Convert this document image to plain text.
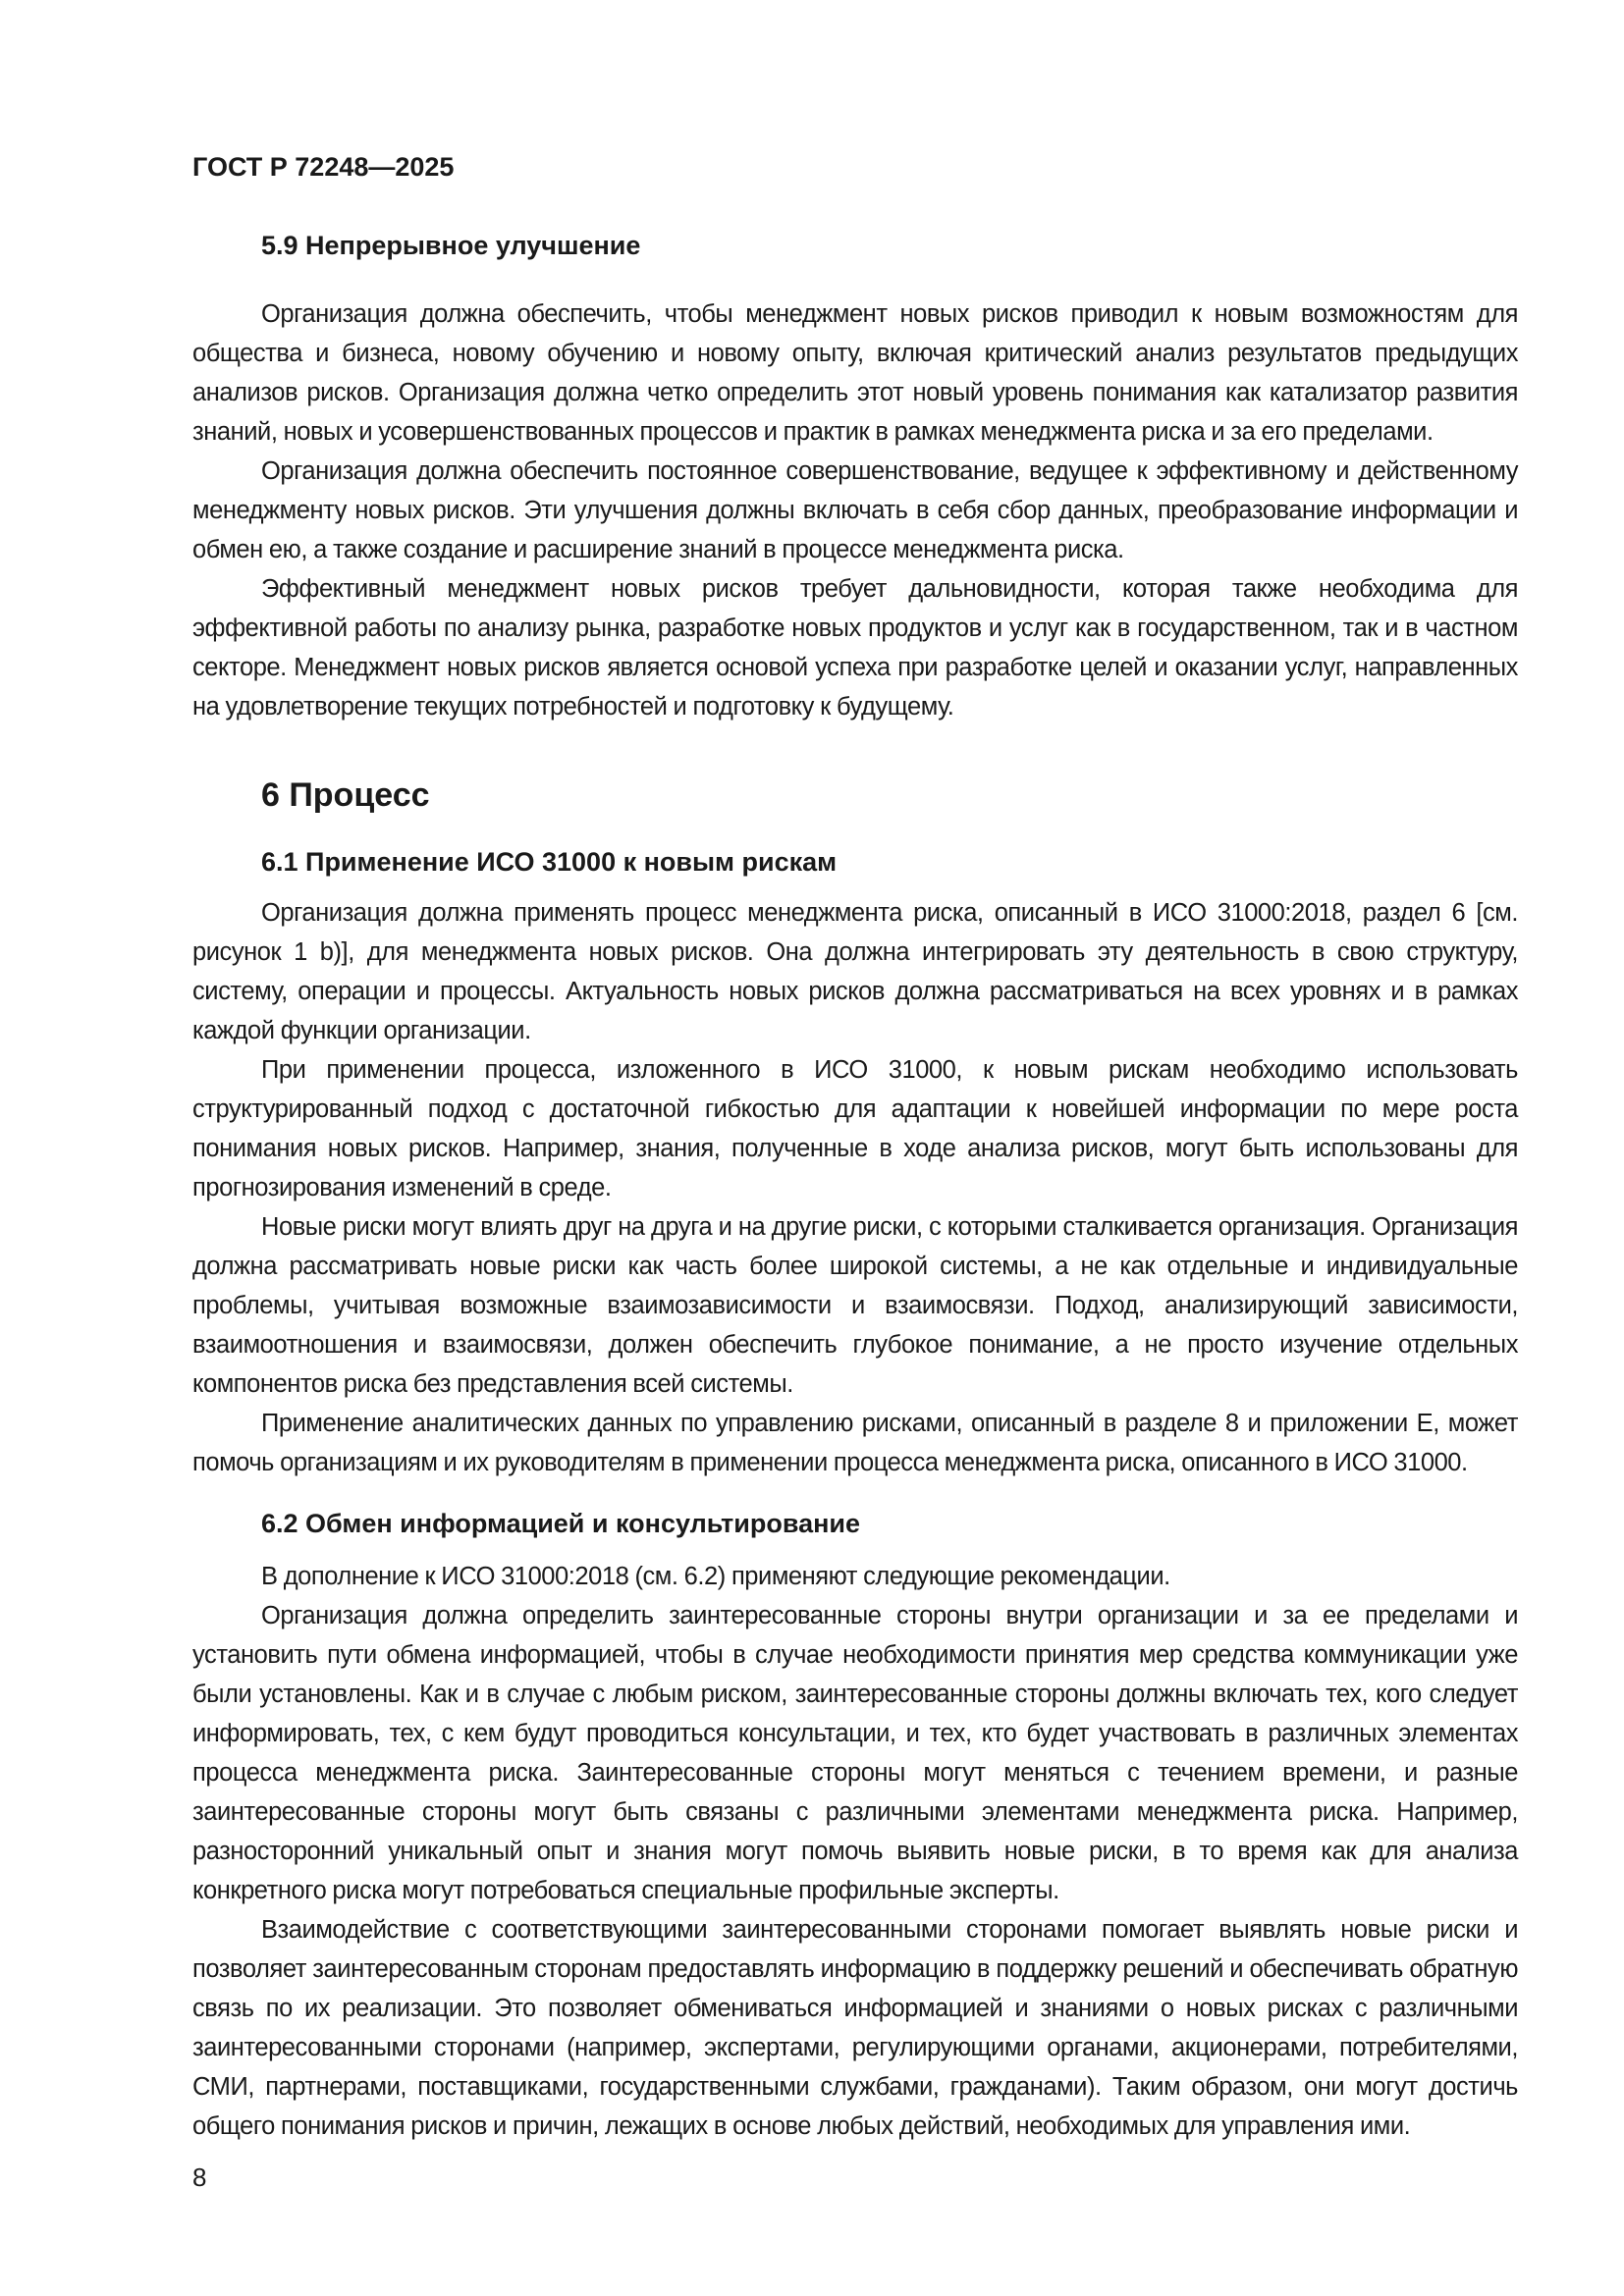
ГОСТ Р 72248—2025
5.9 Непрерывное улучшение

Организация должна обеспечить, чтобы менеджмент новых рисков приводил к новым возможностям для общества и бизнеса, новому обучению и новому опыту, включая критический анализ результатов предыдущих анализов рисков. Организация должна четко определить этот новый уровень понимания как катализатор развития знаний, новых и усовершенствованных процессов и практик в рамках менеджмента риска и за его пределами.

Организация должна обеспечить постоянное совершенствование, ведущее к эффективному и действенному менеджменту новых рисков. Эти улучшения должны включать в себя сбор данных, преобразование информации и обмен ею, а также создание и расширение знаний в процессе менеджмента риска.

Эффективный менеджмент новых рисков требует дальновидности, которая также необходима для эффективной работы по анализу рынка, разработке новых продуктов и услуг как в государственном, так и в частном секторе. Менеджмент новых рисков является основой успеха при разработке целей и оказании услуг, направленных на удовлетворение текущих потребностей и подготовку к будущему.

6 Процесс
6.1 Применение ИСО 31000 к новым рискам

Организация должна применять процесс менеджмента риска, описанный в ИСО 31000:2018, раздел 6 [см. рисунок 1 b)], для менеджмента новых рисков. Она должна интегрировать эту деятельность в свою структуру, систему, операции и процессы. Актуальность новых рисков должна рассматриваться на всех уровнях и в рамках каждой функции организации.

При применении процесса, изложенного в ИСО 31000, к новым рискам необходимо использовать структурированный подход с достаточной гибкостью для адаптации к новейшей информации по мере роста понимания новых рисков. Например, знания, полученные в ходе анализа рисков, могут быть использованы для прогнозирования изменений в среде.

Новые риски могут влиять друг на друга и на другие риски, с которыми сталкивается организация. Организация должна рассматривать новые риски как часть более широкой системы, а не как отдельные и индивидуальные проблемы, учитывая возможные взаимозависимости и взаимосвязи. Подход, анализирующий зависимости, взаимоотношения и взаимосвязи, должен обеспечить глубокое понимание, а не просто изучение отдельных компонентов риска без представления всей системы.

Применение аналитических данных по управлению рисками, описанный в разделе 8 и приложении Е, может помочь организациям и их руководителям в применении процесса менеджмента риска, описанного в ИСО 31000.

6.2 Обмен информацией и консультирование

В дополнение к ИСО 31000:2018 (см. 6.2) применяют следующие рекомендации.

Организация должна определить заинтересованные стороны внутри организации и за ее пределами и установить пути обмена информацией, чтобы в случае необходимости принятия мер средства коммуникации уже были установлены. Как и в случае с любым риском, заинтересованные стороны должны включать тех, кого следует информировать, тех, с кем будут проводиться консультации, и тех, кто будет участвовать в различных элементах процесса менеджмента риска. Заинтересованные стороны могут меняться с течением времени, и разные заинтересованные стороны могут быть связаны с различными элементами менеджмента риска. Например, разносторонний уникальный опыт и знания могут помочь выявить новые риски, в то время как для анализа конкретного риска могут потребоваться специальные профильные эксперты.

Взаимодействие с соответствующими заинтересованными сторонами помогает выявлять новые риски и позволяет заинтересованным сторонам предоставлять информацию в поддержку решений и обеспечивать обратную связь по их реализации. Это позволяет обмениваться информацией и знаниями о новых рисках с различными заинтересованными сторонами (например, экспертами, регулирующими органами, акционерами, потребителями, СМИ, партнерами, поставщиками, государственными службами, гражданами). Таким образом, они могут достичь общего понимания рисков и причин, лежащих в основе любых действий, необходимых для управления ими.

8
